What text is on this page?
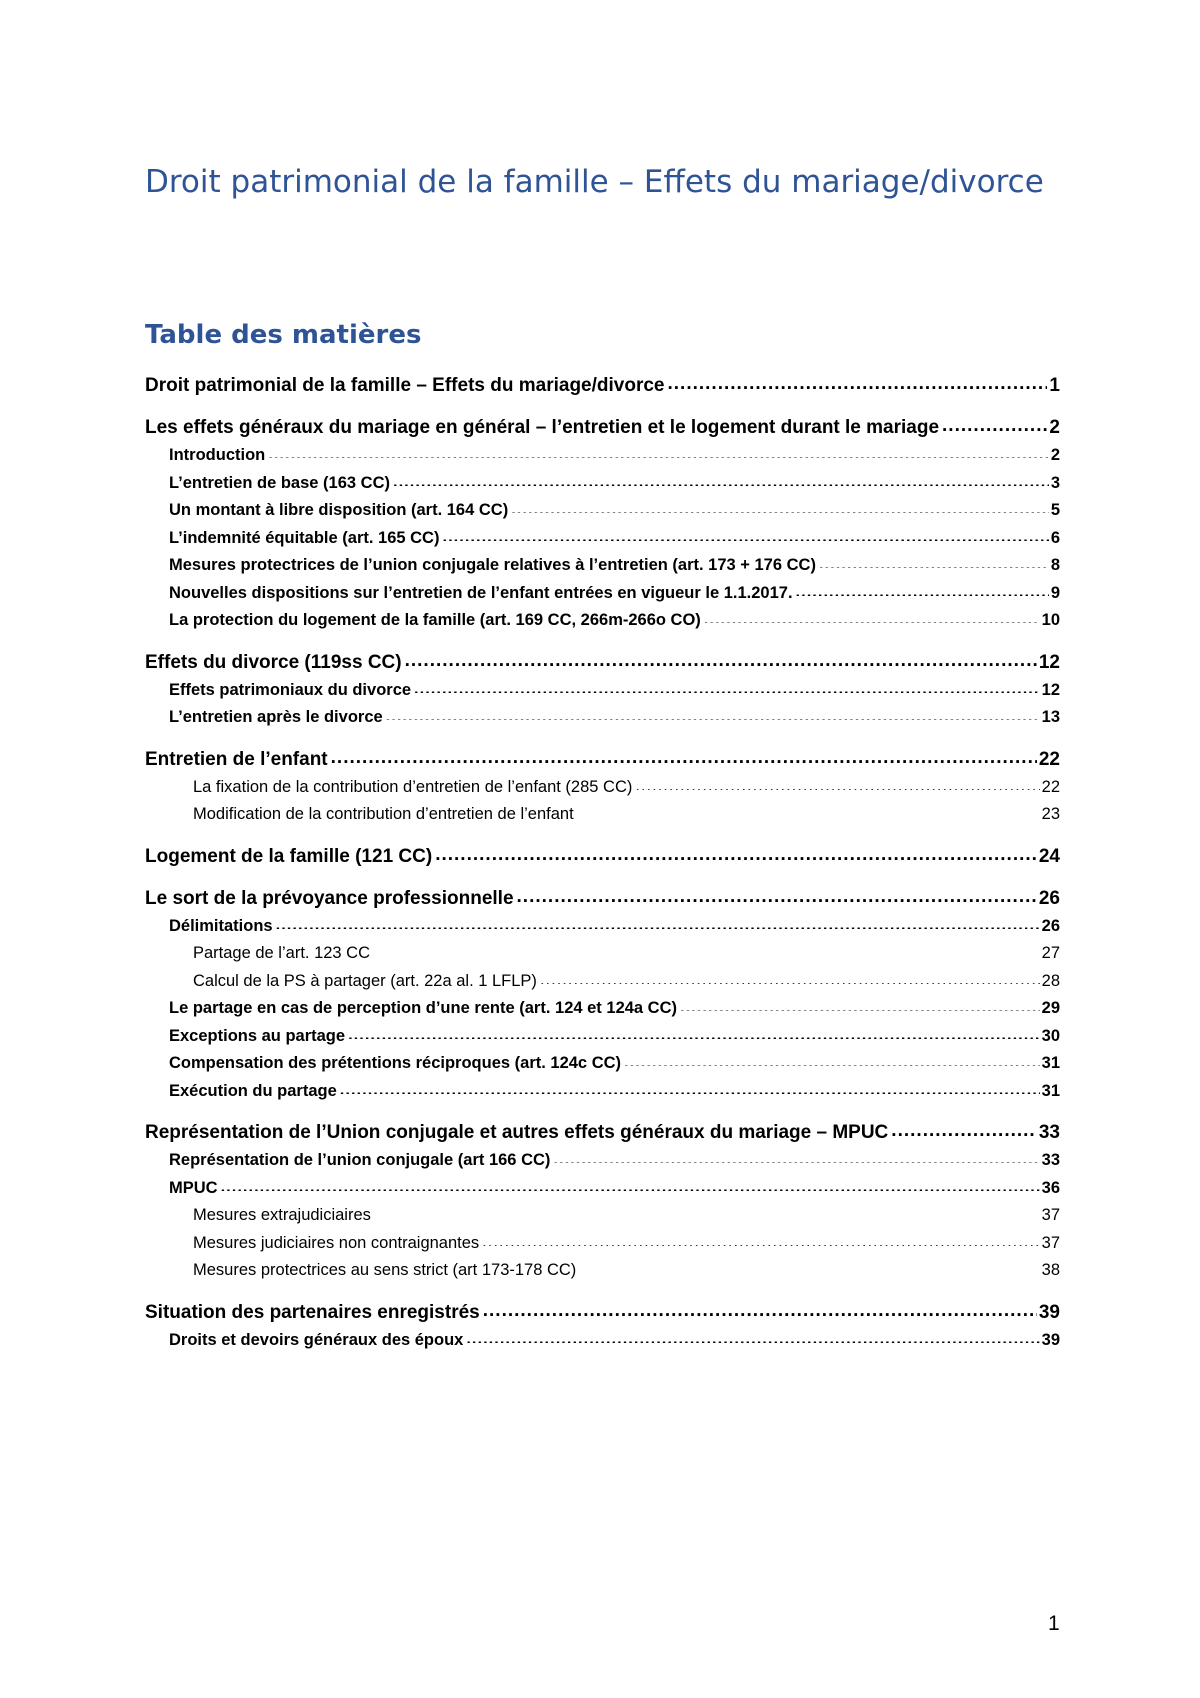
Droit patrimonial de la famille – Effets du mariage/divorce
Table des matières
Droit patrimonial de la famille – Effets du mariage/divorce .....	1
Les effets généraux du mariage en général – l’entretien et le logement durant le mariage .....	2
Introduction .....	2
L’entretien de base (163 CC) .....	3
Un montant à libre disposition (art. 164 CC) .....	5
L’indemnité équitable (art. 165 CC) .....	6
Mesures protectrices de l’union conjugale relatives à l’entretien (art. 173 + 176 CC) .....	8
Nouvelles dispositions sur l’entretien de l’enfant entrées en vigueur le 1.1.2017. .....	9
La protection du logement de la famille (art. 169 CC, 266m-266o CO) .....	10
Effets du divorce (119ss CC) .....	12
Effets patrimoniaux du divorce .....	12
L’entretien après le divorce .....	13
Entretien de l’enfant .....	22
La fixation de la contribution d’entretien de l’enfant (285 CC) .....	22
Modification de la contribution d’entretien de l’enfant .....	23
Logement de la famille (121 CC) .....	24
Le sort de la prévoyance professionnelle .....	26
Délimitations .....	26
Partage de l’art. 123 CC .....	27
Calcul de la PS à partager (art. 22a al. 1 LFLP) .....	28
Le partage en cas de perception d’une rente (art. 124 et 124a CC) .....	29
Exceptions au partage .....	30
Compensation des prétentions réciproques (art. 124c CC) .....	31
Exécution du partage .....	31
Représentation de l’Union conjugale et autres effets généraux du mariage – MPUC .....	33
Représentation de l’union conjugale (art 166 CC) .....	33
MPUC .....	36
Mesures extrajudiciaires .....	37
Mesures judiciaires non contraignantes .....	37
Mesures protectrices au sens strict (art 173-178 CC) .....	38
Situation des partenaires enregistrés .....	39
Droits et devoirs généraux des époux .....	39
1
